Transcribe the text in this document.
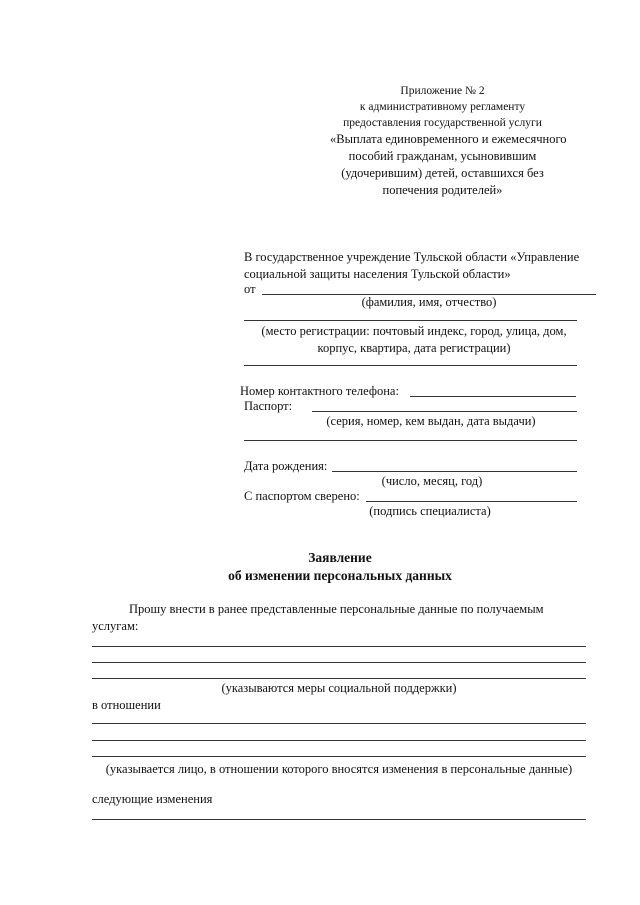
Приложение № 2
к административному регламенту
предоставления государственной услуги
«Выплата единовременного и ежемесячного
пособий гражданам, усыновившим
(удочерившим) детей, оставшихся без
попечения родителей»
В государственное учреждение Тульской области «Управление
социальной защиты населения Тульской области»
от
(фамилия, имя, отчество)
(место регистрации: почтовый индекс, город, улица, дом,
корпус, квартира, дата регистрации)
Номер контактного телефона:
Паспорт:
(серия, номер, кем выдан, дата выдачи)
Дата рождения:
(число, месяц, год)
С паспортом сверено:
(подпись специалиста)
Заявление
об изменении персональных данных
Прошу внести в ранее представленные персональные данные по получаемым
услугам:
(указываются меры социальной поддержки)
в отношении
(указывается лицо, в отношении которого вносятся изменения в персональные данные)
следующие изменения
